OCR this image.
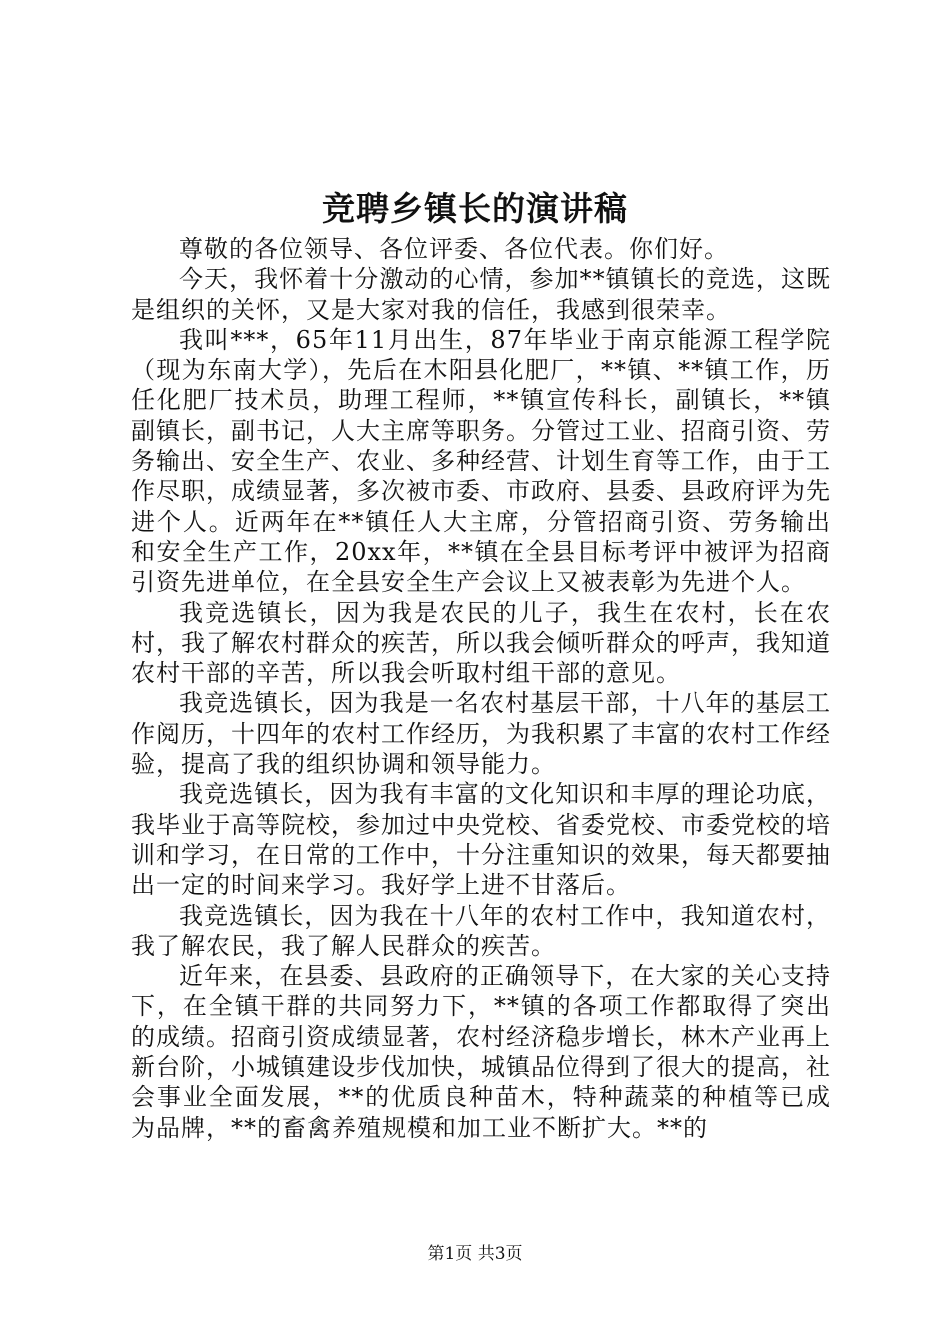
竞聘乡镇长的演讲稿

尊敬的各位领导、各位评委、各位代表。你们好。

今天，我怀着十分激动的心情，参加**镇镇长的竞选，这既是组织的关怀，又是大家对我的信任，我感到很荣幸。

我叫***，65年11月出生，87年毕业于南京能源工程学院（现为东南大学），先后在木阳县化肥厂，**镇、**镇工作，历任化肥厂技术员，助理工程师，**镇宣传科长，副镇长，**镇副镇长，副书记，人大主席等职务。分管过工业、招商引资、劳务输出、安全生产、农业、多种经营、计划生育等工作，由于工作尽职，成绩显著，多次被市委、市政府、县委、县政府评为先进个人。近两年在**镇任人大主席，分管招商引资、劳务输出和安全生产工作，20xx年，**镇在全县目标考评中被评为招商引资先进单位，在全县安全生产会议上又被表彰为先进个人。

我竞选镇长，因为我是农民的儿子，我生在农村，长在农村，我了解农村群众的疾苦，所以我会倾听群众的呼声，我知道农村干部的辛苦，所以我会听取村组干部的意见。

我竞选镇长，因为我是一名农村基层干部，十八年的基层工作阅历，十四年的农村工作经历，为我积累了丰富的农村工作经验，提高了我的组织协调和领导能力。

我竞选镇长，因为我有丰富的文化知识和丰厚的理论功底，我毕业于高等院校，参加过中央党校、省委党校、市委党校的培训和学习，在日常的工作中，十分注重知识的效果，每天都要抽出一定的时间来学习。我好学上进不甘落后。

我竞选镇长，因为我在十八年的农村工作中，我知道农村，我了解农民，我了解人民群众的疾苦。

近年来，在县委、县政府的正确领导下，在大家的关心支持下，在全镇干群的共同努力下，**镇的各项工作都取得了突出的成绩。招商引资成绩显著，农村经济稳步增长，林木产业再上新台阶，小城镇建设步伐加快，城镇品位得到了很大的提高，社会事业全面发展，**的优质良种苗木，特种蔬菜的种植等已成为品牌，**的畜禽养殖规模和加工业不断扩大。**的

第1页 共3页
